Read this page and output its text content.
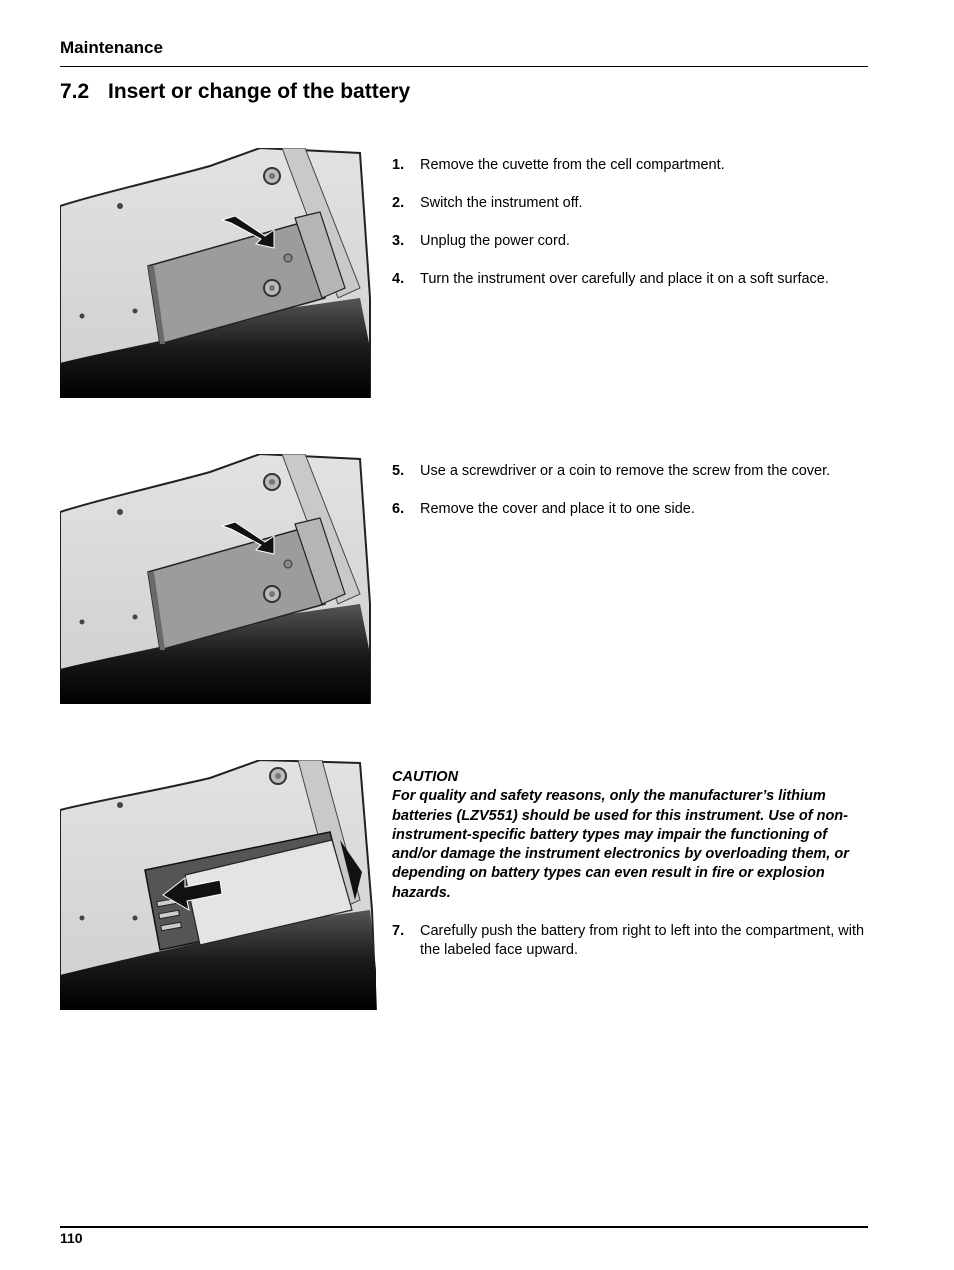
Maintenance
7.2 Insert or change of the battery
1.	Remove the cuvette from the cell compartment.
2.	Switch the instrument off.
3.	Unplug the power cord.
4.	Turn the instrument over carefully and place it on a soft surface.
5.	Use a screwdriver or a coin to remove the screw from the cover.
6.	Remove the cover and place it to one side.
CAUTION
For quality and safety reasons, only the manufacturer’s lithium batteries (LZV551) should be used for this instrument. Use of non-instrument-specific battery types may impair the functioning of and/or damage the instrument electronics by overloading them, or depending on battery types can even result in fire or explosion hazards.
7.	Carefully push the battery from right to left into the compartment, with the labeled face upward.
110
